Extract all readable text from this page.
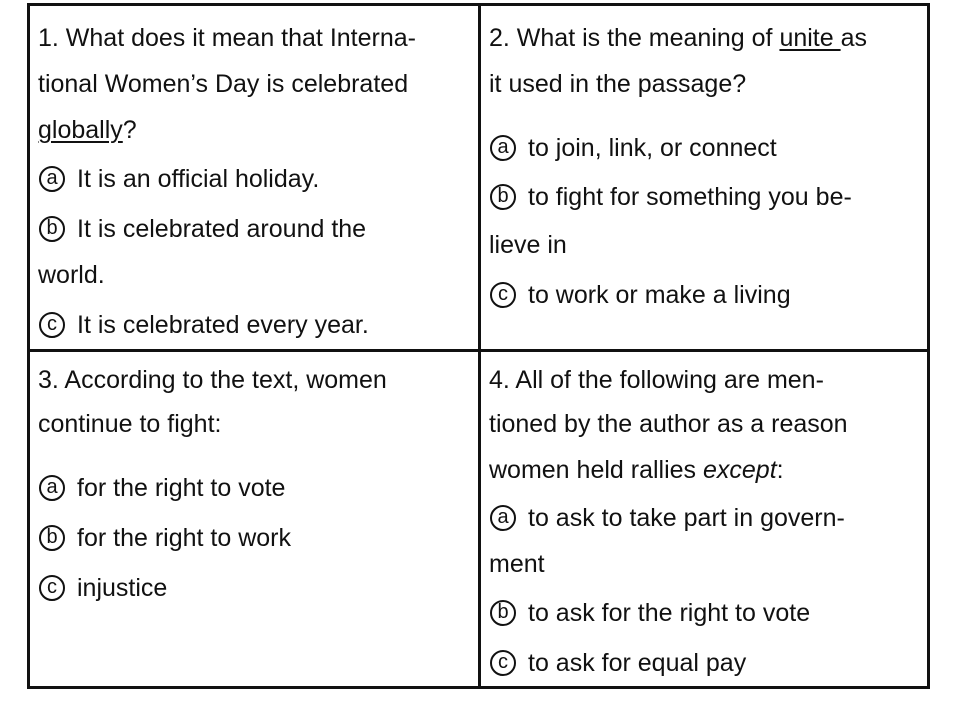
1. What does it mean that Interna-
tional Women’s Day is celebrated
globally?
a It is an official holiday.
b It is celebrated around the
world.
c It is celebrated every year.
2. What is the meaning of unite as
it used in the passage?
a to join, link, or connect
b to fight for something you be-
lieve in
c to work or make a living
3. According to the text, women
continue to fight:
a for the right to vote
b for the right to work
c injustice
4. All of the following are men-
tioned by the author as a reason
women held rallies except:
a to ask to take part in govern-
ment
b to ask for the right to vote
c to ask for equal pay
